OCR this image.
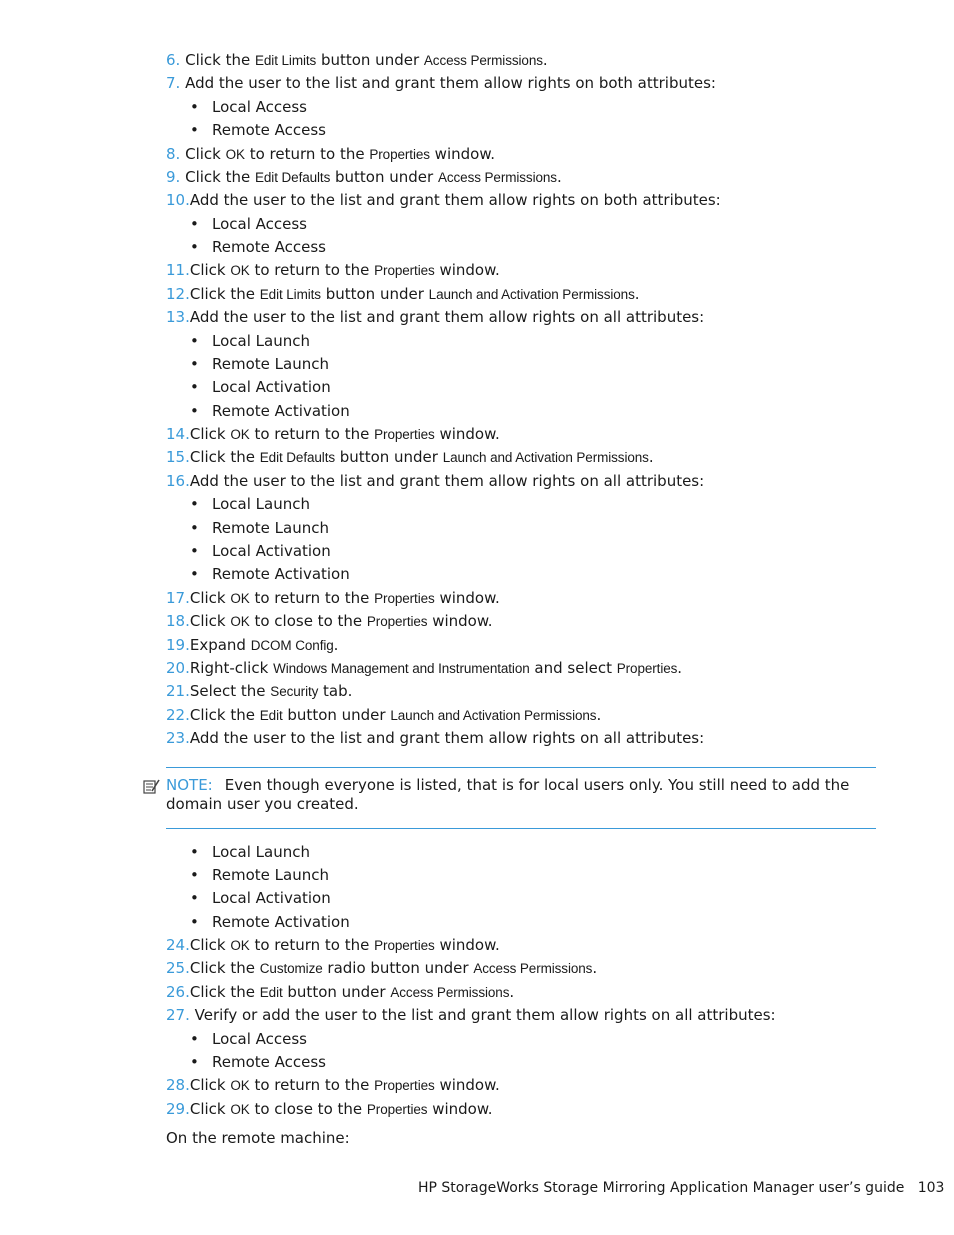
6. Click the Edit Limits button under Access Permissions.
7. Add the user to the list and grant them allow rights on both attributes:
• Local Access
• Remote Access
8. Click OK to return to the Properties window.
9. Click the Edit Defaults button under Access Permissions.
10.Add the user to the list and grant them allow rights on both attributes:
• Local Access
• Remote Access
11.Click OK to return to the Properties window.
12.Click the Edit Limits button under Launch and Activation Permissions.
13.Add the user to the list and grant them allow rights on all attributes:
• Local Launch
• Remote Launch
• Local Activation
• Remote Activation
14.Click OK to return to the Properties window.
15.Click the Edit Defaults button under Launch and Activation Permissions.
16.Add the user to the list and grant them allow rights on all attributes:
• Local Launch
• Remote Launch
• Local Activation
• Remote Activation
17.Click OK to return to the Properties window.
18.Click OK to close to the Properties window.
19.Expand DCOM Config.
20.Right-click Windows Management and Instrumentation and select Properties.
21.Select the Security tab.
22.Click the Edit button under Launch and Activation Permissions.
23.Add the user to the list and grant them allow rights on all attributes:
NOTE: Even though everyone is listed, that is for local users only. You still need to add the domain user you created.
• Local Launch
• Remote Launch
• Local Activation
• Remote Activation
24.Click OK to return to the Properties window.
25.Click the Customize radio button under Access Permissions.
26.Click the Edit button under Access Permissions.
27. Verify or add the user to the list and grant them allow rights on all attributes:
• Local Access
• Remote Access
28.Click OK to return to the Properties window.
29.Click OK to close to the Properties window.
On the remote machine:
HP StorageWorks Storage Mirroring Application Manager user’s guide 103
